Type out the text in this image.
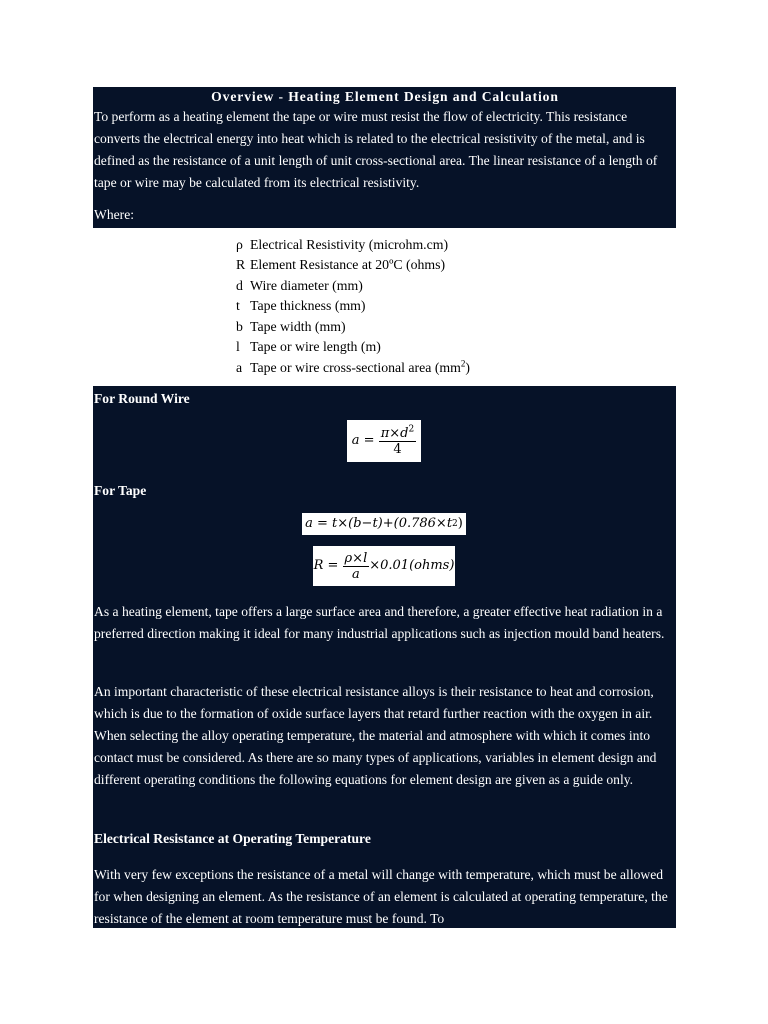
Overview - Heating Element Design and Calculation

To perform as a heating element the tape or wire must resist the flow of electricity. This resistance converts the electrical energy into heat which is related to the electrical resistivity of the metal, and is defined as the resistance of a unit length of unit cross-sectional area. The linear resistance of a length of tape or wire may be calculated from its electrical resistivity.

Where:
ρ Electrical Resistivity (microhm.cm)
R Element Resistance at 20ºC (ohms)
d Wire diameter (mm)
t Tape thickness (mm)
b Tape width (mm)
l Tape or wire length (m)
a Tape or wire cross-sectional area $(mm^2)$
For Round Wire
a =
$\frac{\pi\times d^2}{4}$
For Tape
a = t×(b−t)+(0.786×t 2 )
R =
$\frac{\rho\times l}{a}$ ×0.01(ohms)

As a heating element, tape offers a large surface area and therefore, a greater effective heat radiation in a preferred direction making it ideal for many industrial applications such as injection mould band heaters.

An important characteristic of these electrical resistance alloys is their resistance to heat and corrosion, which is due to the formation of oxide surface layers that retard further reaction with the oxygen in air. When selecting the alloy operating temperature, the material and atmosphere with which it comes into contact must be considered. As there are so many types of applications, variables in element design and different operating conditions the following equations for element design are given as a guide only.

Electrical Resistance at Operating Temperature

With very few exceptions the resistance of a metal will change with temperature, which must be allowed for when designing an element. As the resistance of an element is calculated at operating temperature, the resistance of the element at room temperature must be found. To
